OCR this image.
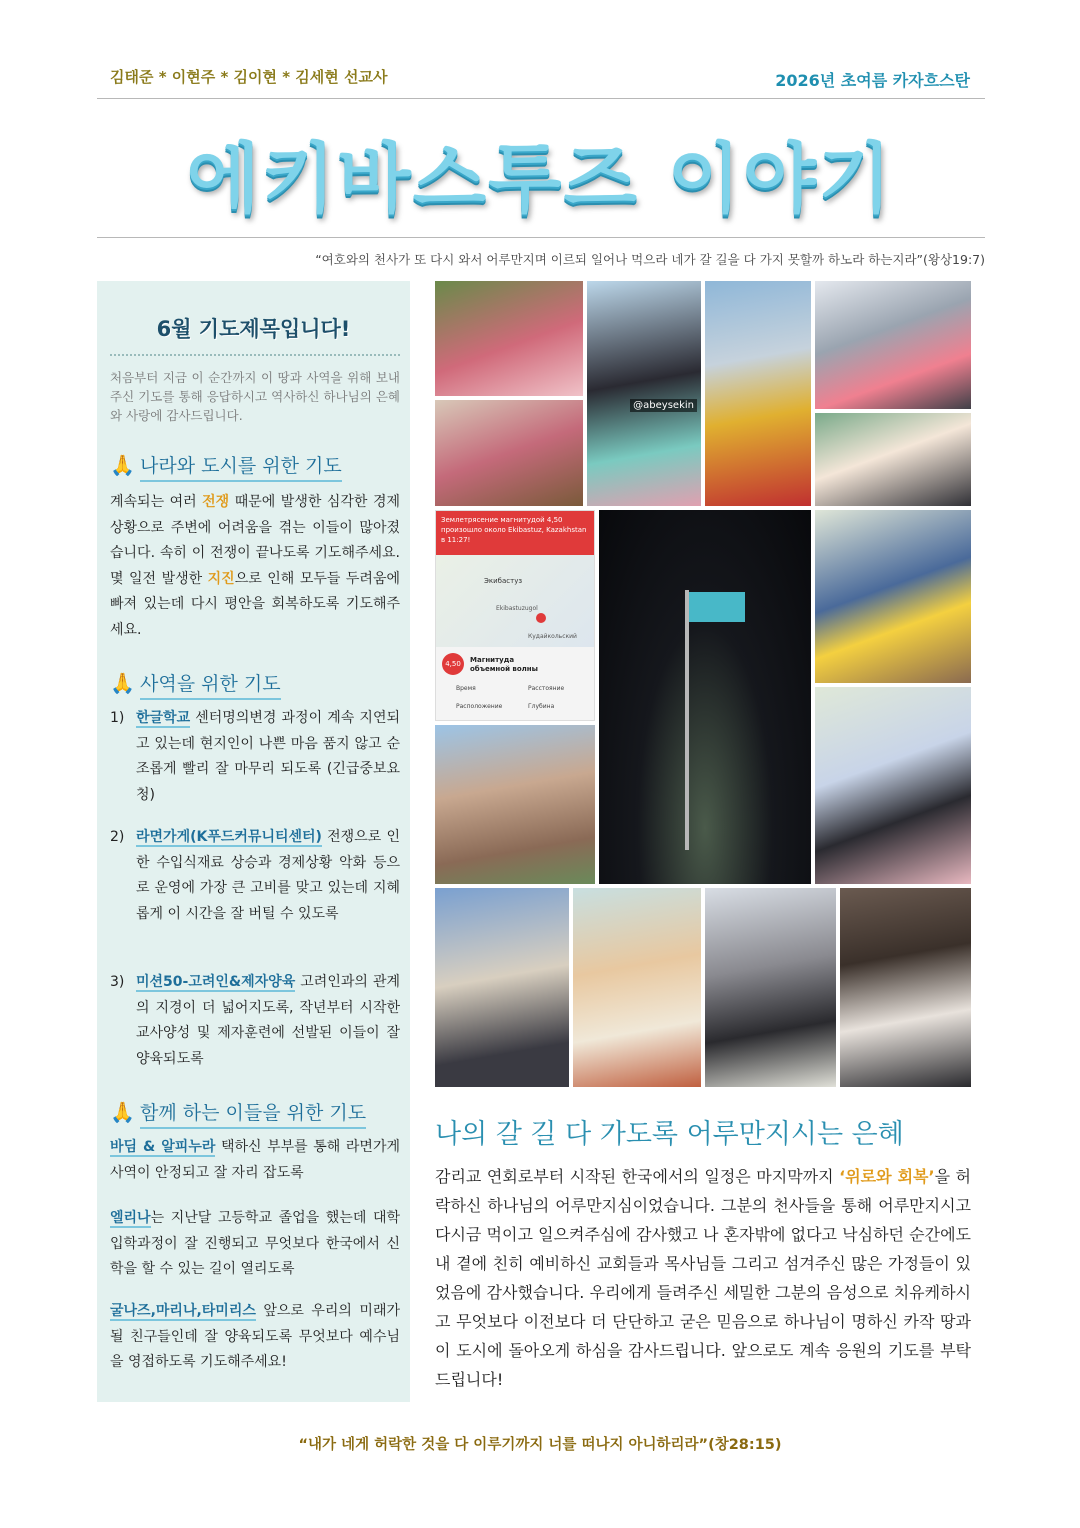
김태준 * 이현주 * 김이현 * 김세현 선교사	2026년 초여름 카자흐스탄
에키바스투즈 이야기
“여호와의 천사가 또 다시 와서 어루만지며 이르되 일어나 먹으라 네가 갈 길을 다 가지 못할까 하노라 하는지라”(왕상19:7)
6월 기도제목입니다!
처음부터 지금 이 순간까지 이 땅과 사역을 위해 보내주신 기도를 통해 응답하시고 역사하신 하나님의 은혜와 사랑에 감사드립니다.
🙏 나라와 도시를 위한 기도
계속되는 여러 전쟁 때문에 발생한 심각한 경제상황으로 주변에 어려움을 겪는 이들이 많아졌습니다. 속히 이 전쟁이 끝나도록 기도해주세요. 몇 일전 발생한 지진으로 인해 모두들 두려움에 빠져 있는데 다시 평안을 회복하도록 기도해주세요.
🙏 사역을 위한 기도
1) 한글학교 센터명의변경 과정이 계속 지연되고 있는데 현지인이 나쁜 마음 품지 않고 순조롭게 빨리 잘 마무리 되도록 (긴급중보요청)
2) 라면가게(K푸드커뮤니티센터) 전쟁으로 인한 수입식재료 상승과 경제상황 악화 등으로 운영에 가장 큰 고비를 맞고 있는데 지혜롭게 이 시간을 잘 버틸 수 있도록
3) 미션50-고려인&제자양육 고려인과의 관계의 지경이 더 넓어지도록, 작년부터 시작한 교사양성 및 제자훈련에 선발된 이들이 잘 양육되도록
🙏 함께 하는 이들을 위한 기도
바딤 & 알피누라 택하신 부부를 통해 라면가게 사역이 안정되고 잘 자리 잡도록
엘리나는 지난달 고등학교 졸업을 했는데 대학입학과정이 잘 진행되고 무엇보다 한국에서 신학을 할 수 있는 길이 열리도록
굴나즈,마리나,타미리스 앞으로 우리의 미래가 될 친구들인데 잘 양육되도록 무엇보다 예수님을 영접하도록 기도해주세요!
@abeysekin
Землетрясение магнитудой 4,50 произошло около Ekibastuz, Kazakhstan в 11:27!
Экибастуз
Ekibastuzugol
Кудайкольский
4,50	Магнитуда объемной волны
Время	Расстояние
Расположение	Глубина
나의 갈 길 다 가도록 어루만지시는 은혜
감리교 연회로부터 시작된 한국에서의 일정은 마지막까지 ‘위로와 회복’을 허락하신 하나님의 어루만지심이었습니다. 그분의 천사들을 통해 어루만지시고 다시금 먹이고 일으켜주심에 감사했고 나 혼자밖에 없다고 낙심하던 순간에도 내 곁에 친히 예비하신 교회들과 목사님들 그리고 섬겨주신 많은 가정들이 있었음에 감사했습니다. 우리에게 들려주신 세밀한 그분의 음성으로 치유케하시고 무엇보다 이전보다 더 단단하고 굳은 믿음으로 하나님이 명하신 카작 땅과 이 도시에 돌아오게 하심을 감사드립니다. 앞으로도 계속 응원의 기도를 부탁드립니다!
“내가 네게 허락한 것을 다 이루기까지 너를 떠나지 아니하리라”(창28:15)
